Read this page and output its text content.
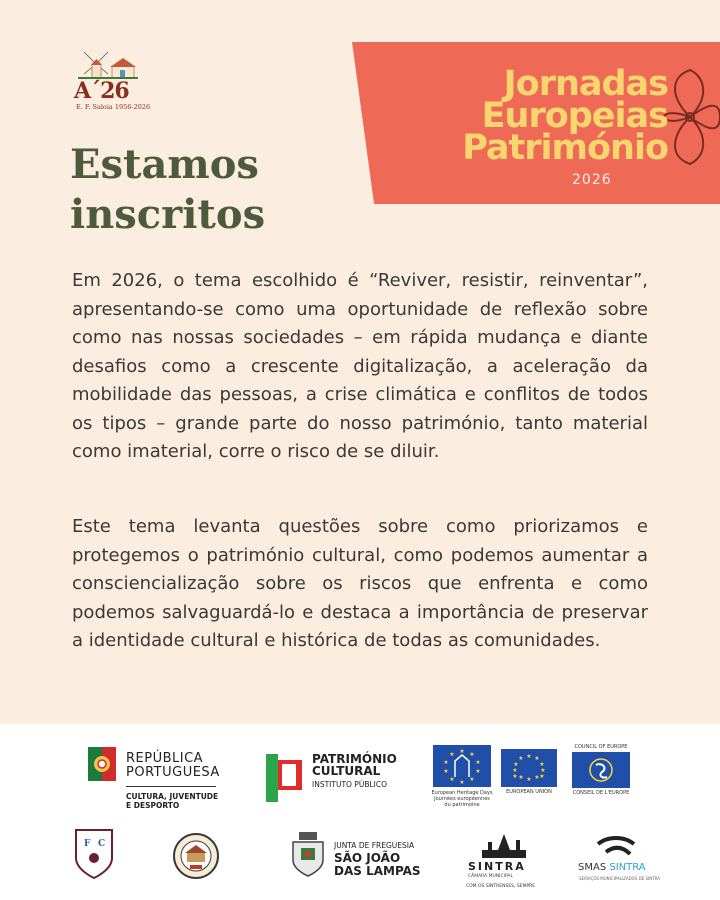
A´26
E. F. Saloia 1956-2026
Jornadas
Europeias
Património
2026
Estamos
inscritos
Em 2026, o tema escolhido é “Reviver, resistir, reinventar”, apresentando-se como uma oportunidade de reflexão sobre como nas nossas sociedades – em rápida mudança e diante desafios como a crescente digitalização, a aceleração da mobilidade das pessoas, a crise climática e conflitos de todos os tipos – grande parte do nosso património, tanto material como imaterial, corre o risco de se diluir.
Este tema levanta questões sobre como priorizamos e protegemos o património cultural, como podemos aumentar a consciencialização sobre os riscos que enfrenta e como podemos salvaguardá-lo e destaca a importância de preservar a identidade cultural e histórica de todas as comunidades.
REPÚBLICA
PORTUGUESA
CULTURA, JUVENTUDE
E DESPORTO
PATRIMÓNIO
CULTURAL
INSTITUTO PÚBLICO
★ ★
★
★
★
★
★
★
★
★
European Heritage Days
Journées européennes
du patrimoine
★ ★
★
★
★
★
★
★
★
★
★
★
EUROPEAN UNION
COUNCIL OF EUROPE
CONSEIL DE L'EUROPE
F C	JUNTA DE FREGUESIA
SÃO JOÃO
DAS LAMPAS	SINTRA
CÂMARA MUNICIPAL
COM OS SINTRENSES, SEMPRE
SMAS SINTRA
SERVIÇOS MUNICIPALIZADOS DE SINTRA
